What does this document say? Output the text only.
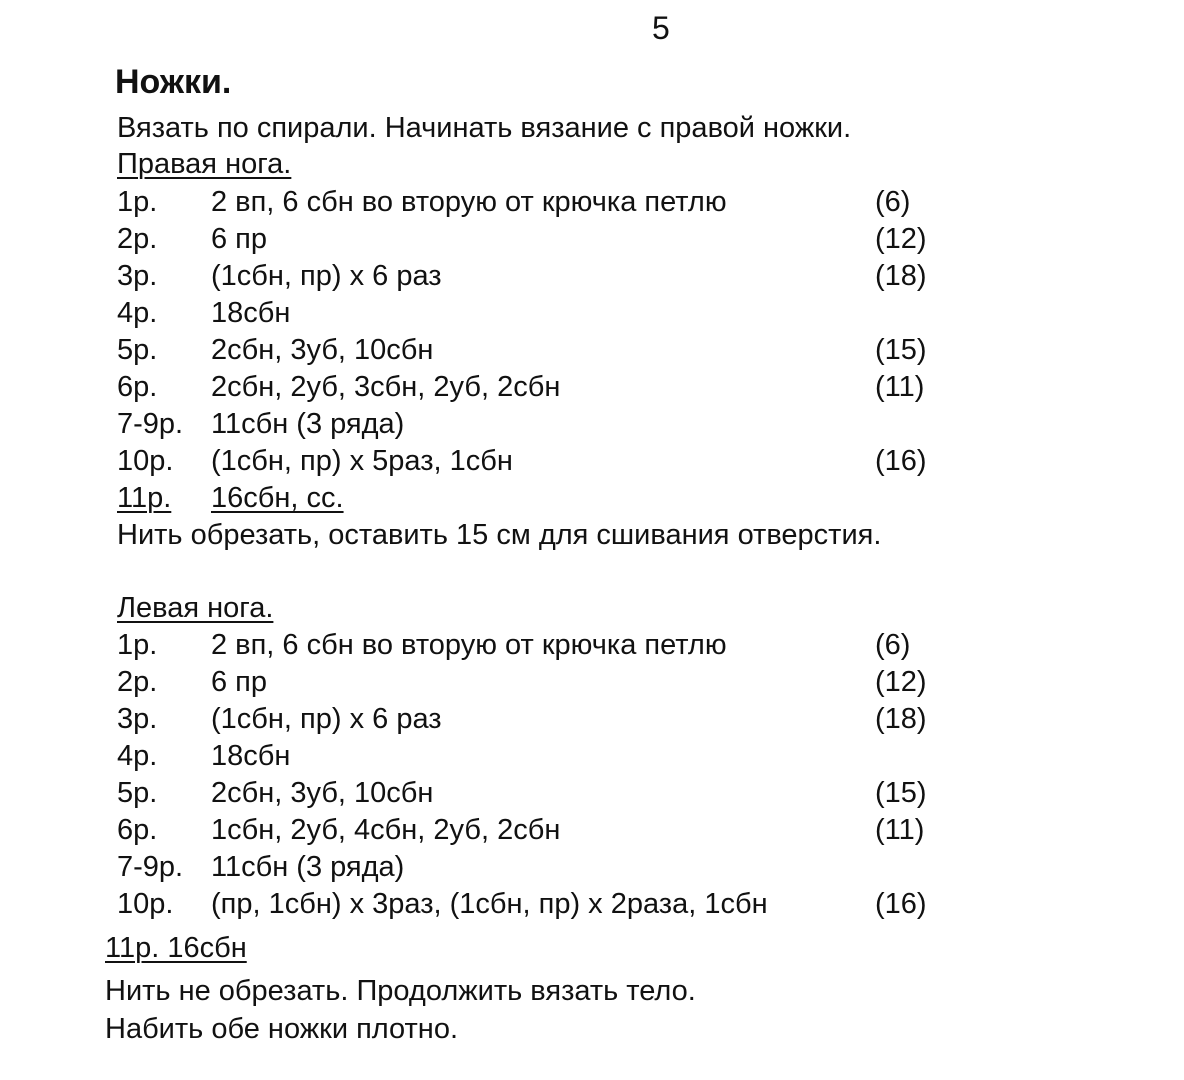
5
Ножки.
Вязать по спирали. Начинать вязание с правой ножки.
Правая нога.
1р. 2 вп, 6 сбн во вторую от крючка петлю	(6)
2р. 6 пр	(12)
3р. (1сбн, пр) х 6 раз	(18)
4р. 18сбн
5р. 2сбн, 3уб, 10сбн	(15)
6р. 2сбн, 2уб, 3сбн, 2уб, 2сбн	(11)
7-9р. 11сбн (3 ряда)
10р. (1сбн, пр) х 5раз, 1сбн	(16)
11р. 16сбн, сс.
Нить обрезать, оставить 15 см для сшивания отверстия.
Левая нога.
1р. 2 вп, 6 сбн во вторую от крючка петлю	(6)
2р. 6 пр	(12)
3р. (1сбн, пр) х 6 раз	(18)
4р. 18сбн
5р. 2сбн, 3уб, 10сбн	(15)
6р. 1сбн, 2уб, 4сбн, 2уб, 2сбн	(11)
7-9р. 11сбн (3 ряда)
10р. (пр, 1сбн) х 3раз, (1сбн, пр) х 2раза, 1сбн	(16)
11р. 16сбн
Нить не обрезать. Продолжить вязать тело.
Набить обе ножки плотно.
